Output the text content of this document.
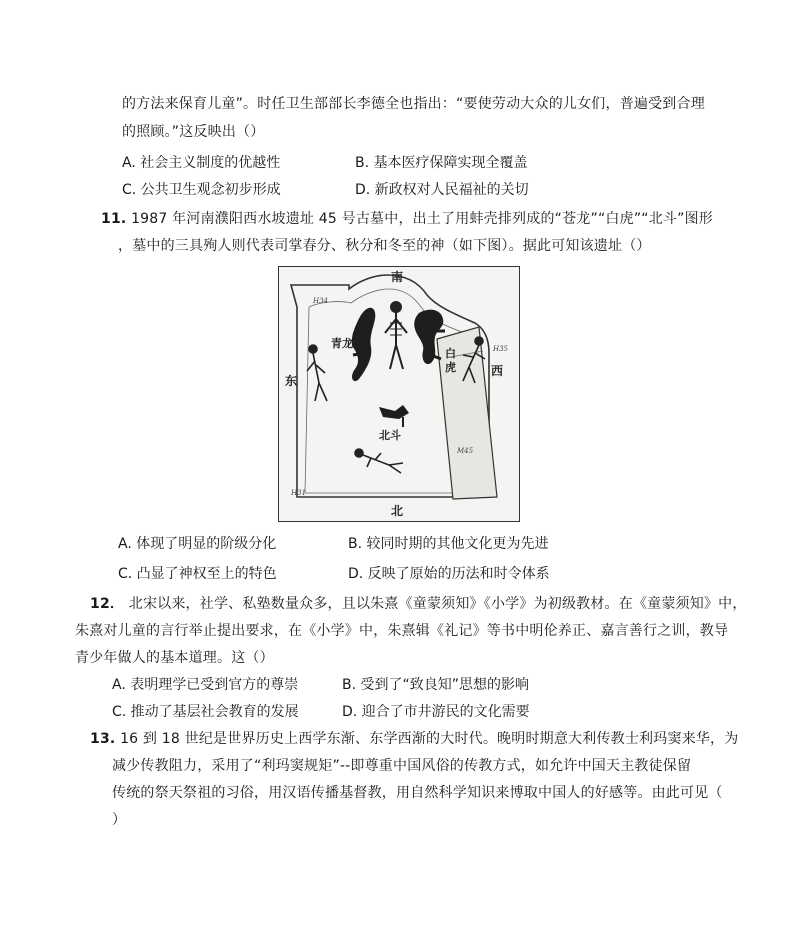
的方法来保育儿童”。时任卫生部部长李德全也指出：“要使劳动大众的儿女们，普遍受到合理
的照顾。”这反映出（）
A. 社会主义制度的优越性	B. 基本医疗保障实现全覆盖
C. 公共卫生观念初步形成	D. 新政权对人民福祉的关切
11. 1987 年河南濮阳西水坡遗址 45 号古墓中，出土了用蚌壳排列成的“苍龙”“白虎”“北斗”图形
，墓中的三具殉人则代表司掌春分、秋分和冬至的神（如下图）。据此可知该遗址（）
南
北
东
西
青龙
白
虎
北斗
H34
H35
H31
M45
A. 体现了明显的阶级分化	B. 较同时期的其他文化更为先进
C. 凸显了神权至上的特色	D. 反映了原始的历法和时令体系
12． 北宋以来，社学、私塾数量众多，且以朱熹《童蒙须知》《小学》为初级教材。在《童蒙须知》中，
朱熹对儿童的言行举止提出要求，在《小学》中，朱熹辑《礼记》等书中明伦养正、嘉言善行之训，教导
青少年做人的基本道理。这（）
A. 表明理学已受到官方的尊崇	B. 受到了“致良知”思想的影响
C. 推动了基层社会教育的发展	D. 迎合了市井游民的文化需要
13. 16 到 18 世纪是世界历史上西学东渐、东学西渐的大时代。晚明时期意大利传教士利玛窦来华，为
减少传教阻力，采用了“利玛窦规矩”--即尊重中国风俗的传教方式，如允许中国天主教徒保留
传统的祭天祭祖的习俗，用汉语传播基督教，用自然科学知识来博取中国人的好感等。由此可见（
）
